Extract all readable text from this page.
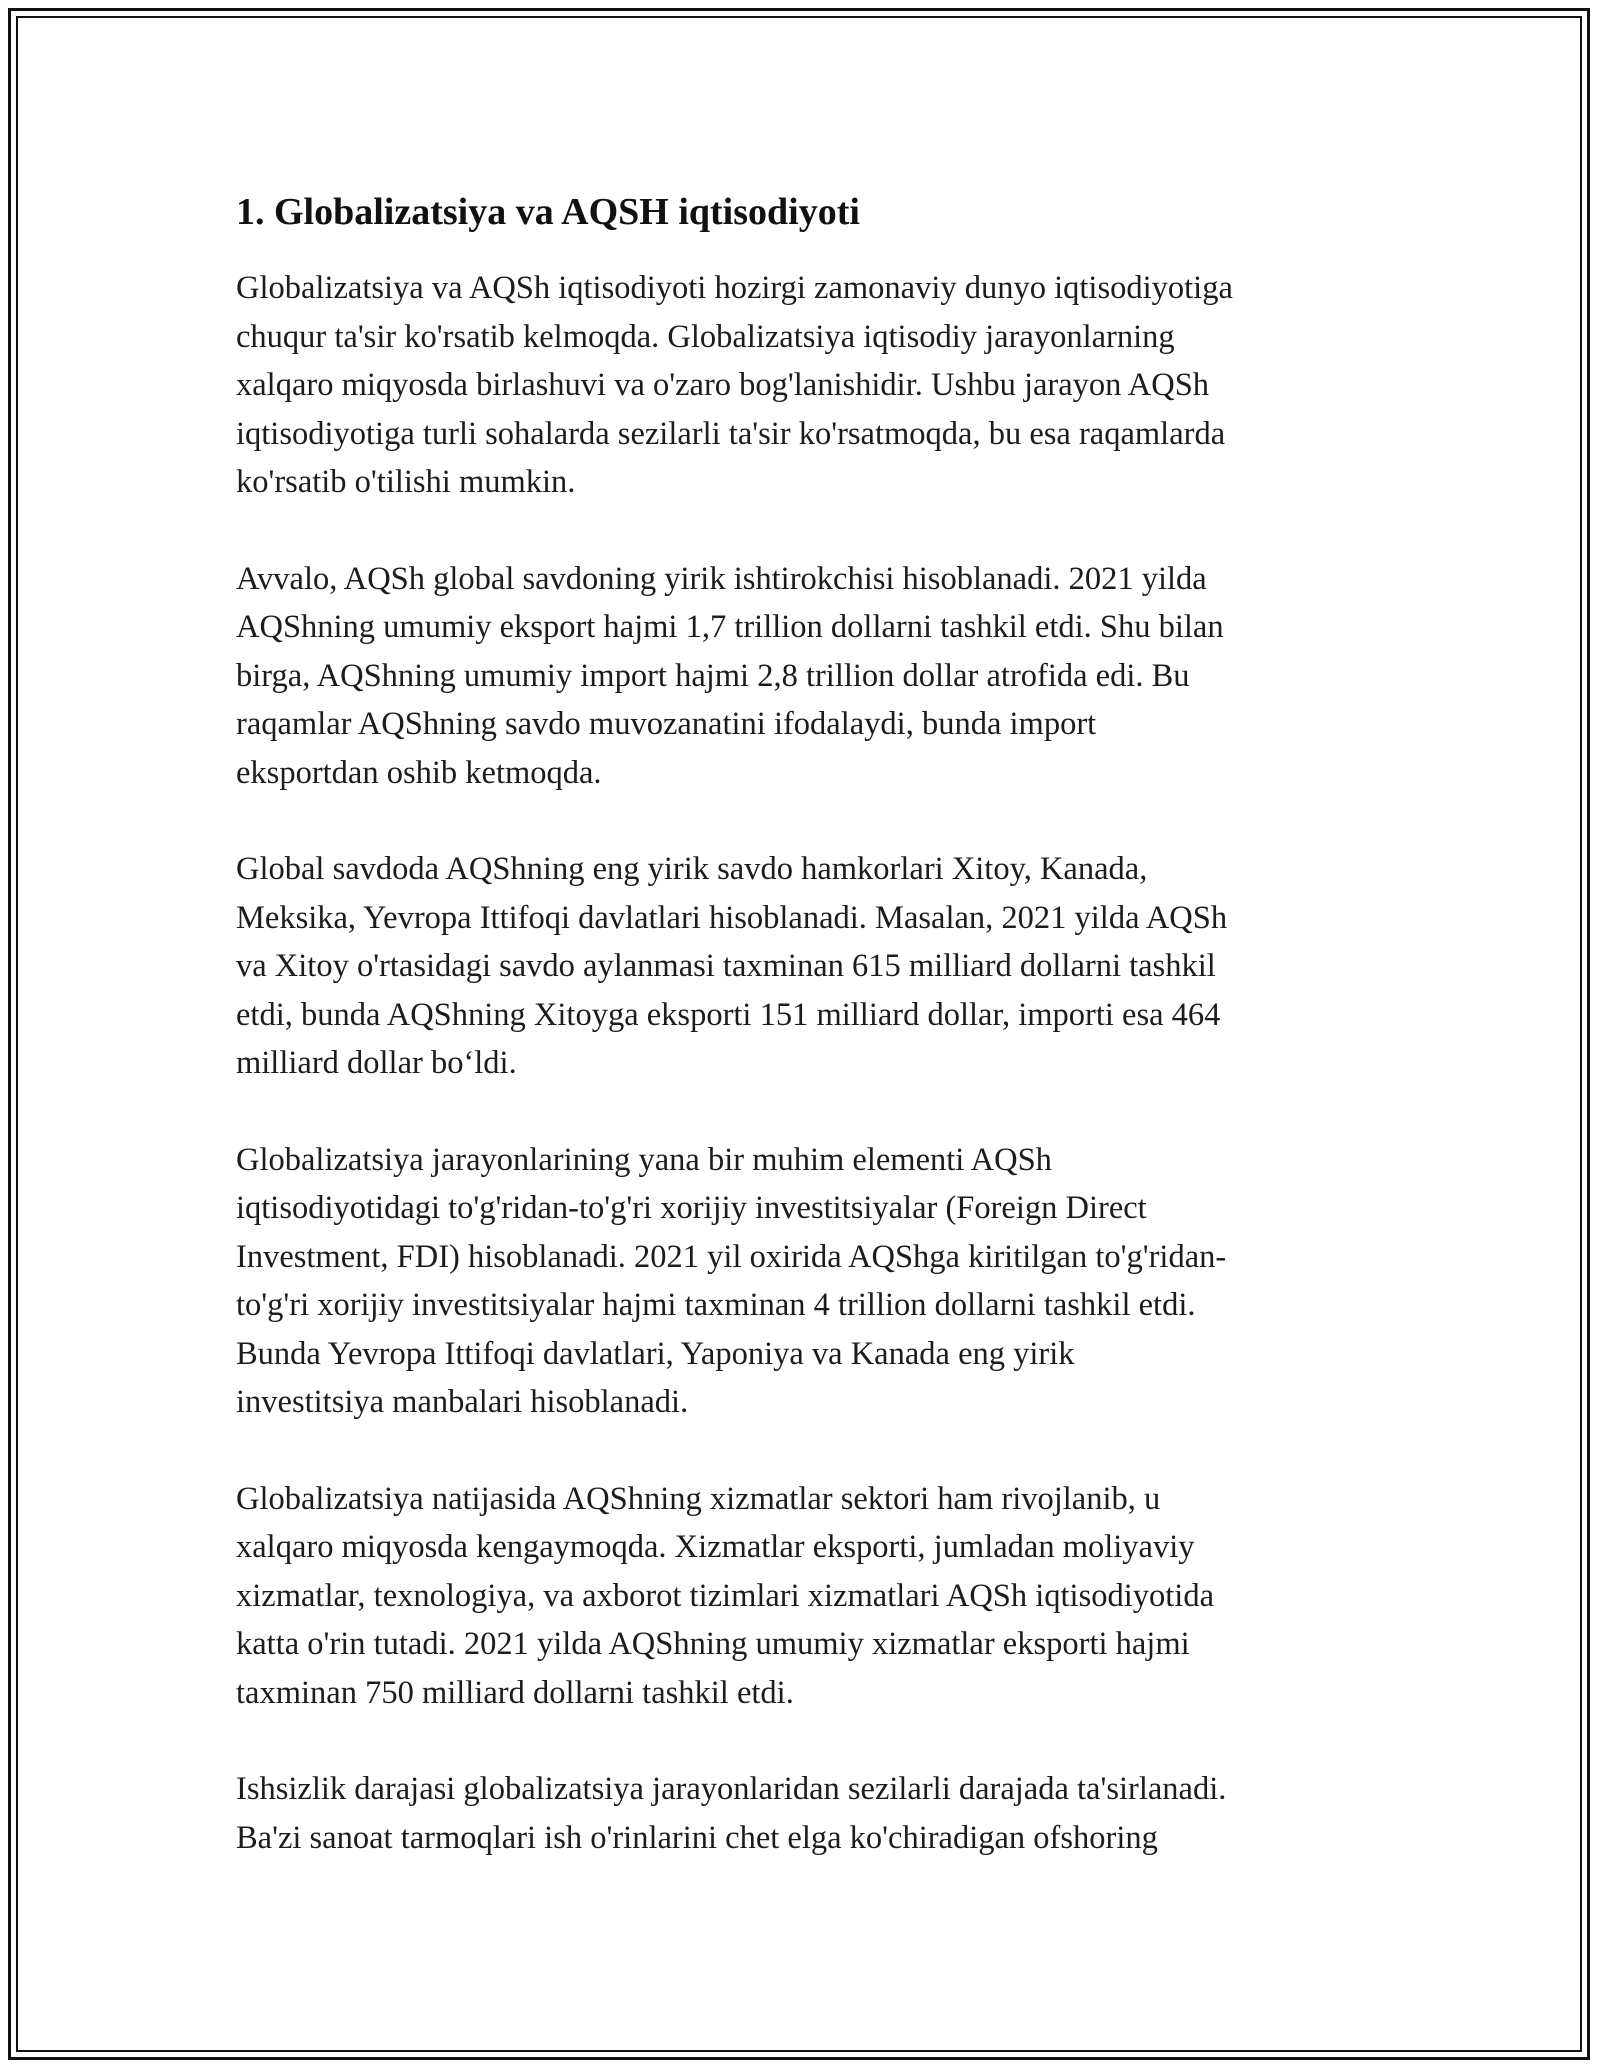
1. Globalizatsiya va AQSH iqtisodiyoti

Globalizatsiya va AQSh iqtisodiyoti hozirgi zamonaviy dunyo iqtisodiyotiga
chuqur ta'sir ko'rsatib kelmoqda. Globalizatsiya iqtisodiy jarayonlarning
xalqaro miqyosda birlashuvi va o'zaro bog'lanishidir. Ushbu jarayon AQSh
iqtisodiyotiga turli sohalarda sezilarli ta'sir ko'rsatmoqda, bu esa raqamlarda
ko'rsatib o'tilishi mumkin.

Avvalo, AQSh global savdoning yirik ishtirokchisi hisoblanadi. 2021 yilda
AQShning umumiy eksport hajmi 1,7 trillion dollarni tashkil etdi. Shu bilan
birga, AQShning umumiy import hajmi 2,8 trillion dollar atrofida edi. Bu
raqamlar AQShning savdo muvozanatini ifodalaydi, bunda import
eksportdan oshib ketmoqda.

Global savdoda AQShning eng yirik savdo hamkorlari Xitoy, Kanada,
Meksika, Yevropa Ittifoqi davlatlari hisoblanadi. Masalan, 2021 yilda AQSh
va Xitoy o'rtasidagi savdo aylanmasi taxminan 615 milliard dollarni tashkil
etdi, bunda AQShning Xitoyga eksporti 151 milliard dollar, importi esa 464
milliard dollar bo‘ldi.

Globalizatsiya jarayonlarining yana bir muhim elementi AQSh
iqtisodiyotidagi to'g'ridan-to'g'ri xorijiy investitsiyalar (Foreign Direct
Investment, FDI) hisoblanadi. 2021 yil oxirida AQShga kiritilgan to'g'ridan-
to'g'ri xorijiy investitsiyalar hajmi taxminan 4 trillion dollarni tashkil etdi.
Bunda Yevropa Ittifoqi davlatlari, Yaponiya va Kanada eng yirik
investitsiya manbalari hisoblanadi.

Globalizatsiya natijasida AQShning xizmatlar sektori ham rivojlanib, u
xalqaro miqyosda kengaymoqda. Xizmatlar eksporti, jumladan moliyaviy
xizmatlar, texnologiya, va axborot tizimlari xizmatlari AQSh iqtisodiyotida
katta o'rin tutadi. 2021 yilda AQShning umumiy xizmatlar eksporti hajmi
taxminan 750 milliard dollarni tashkil etdi.

Ishsizlik darajasi globalizatsiya jarayonlaridan sezilarli darajada ta'sirlanadi.
Ba'zi sanoat tarmoqlari ish o'rinlarini chet elga ko'chiradigan ofshoring
